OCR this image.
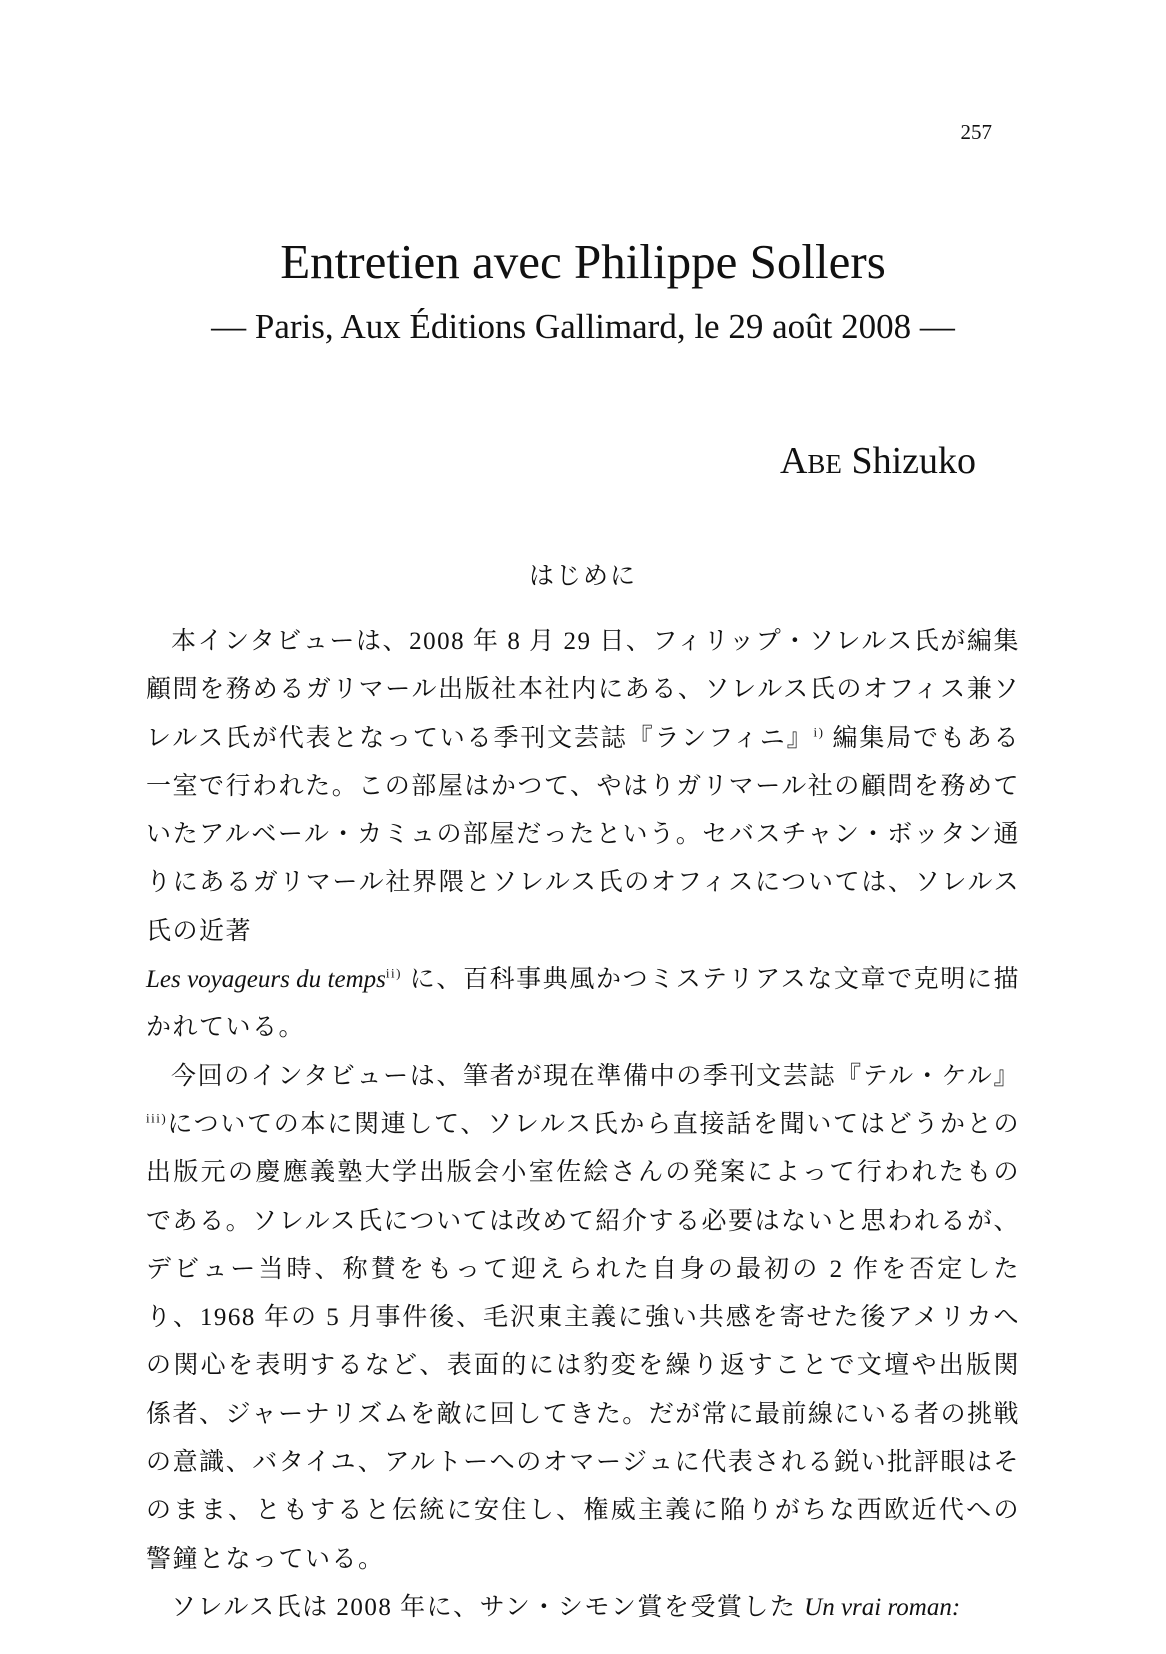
257
Entretien avec Philippe Sollers
— Paris, Aux Éditions Gallimard, le 29 août 2008 —
Abe Shizuko
はじめに

本インタビューは、2008 年 8 月 29 日、フィリップ・ソレルス氏が編集顧問を務めるガリマール出版社本社内にある、ソレルス氏のオフィス兼ソレルス氏が代表となっている季刊文芸誌『ランフィニ』$^{i)}$ 編集局でもある一室で行われた。この部屋はかつて、やはりガリマール社の顧問を務めていたアルベール・カミュの部屋だったという。セバスチャン・ボッタン通りにあるガリマール社界隈とソレルス氏のオフィスについては、ソレルス氏の近著
Les voyageurs du temps$^{ii)}$ に、百科事典風かつミステリアスな文章で克明に描かれている。

今回のインタビューは、筆者が現在準備中の季刊文芸誌『テル・ケル』$^{iii)}$についての本に関連して、ソレルス氏から直接話を聞いてはどうかとの出版元の慶應義塾大学出版会小室佐絵さんの発案によって行われたものである。ソレルス氏については改めて紹介する必要はないと思われるが、デビュー当時、称賛をもって迎えられた自身の最初の 2 作を否定したり、1968 年の 5 月事件後、毛沢東主義に強い共感を寄せた後アメリカへの関心を表明するなど、表面的には豹変を繰り返すことで文壇や出版関係者、ジャーナリズムを敵に回してきた。だが常に最前線にいる者の挑戦の意識、バタイユ、アルトーへのオマージュに代表される鋭い批評眼はそのまま、ともすると伝統に安住し、権威主義に陥りがちな西欧近代への警鐘となっている。

ソレルス氏は 2008 年に、サン・シモン賞を受賞した Un vrai roman:
